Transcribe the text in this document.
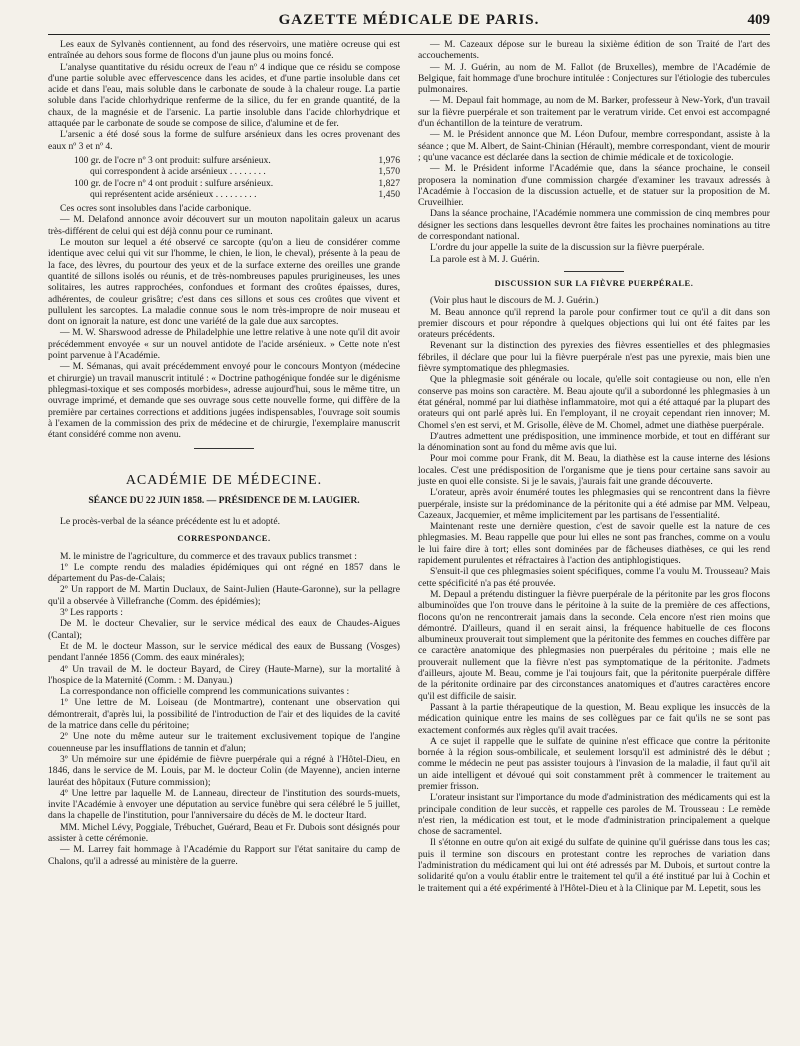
GAZETTE MÉDICALE DE PARIS.	409

Les eaux de Sylvanès contiennent, au fond des réservoirs, une matière ocreuse qui est entraînée au dehors sous forme de flocons d'un jaune plus ou moins foncé.

L'analyse quantitative du résidu ocreux de l'eau nº 4 indique que ce résidu se compose d'une partie soluble avec effervescence dans les acides, et d'une partie insoluble dans cet acide et dans l'eau, mais soluble dans le carbonate de soude à la chaleur rouge. La partie soluble dans l'acide chlorhydrique renferme de la silice, du fer en grande quantité, de la chaux, de la magnésie et de l'arsenic. La partie insoluble dans l'acide chlorhydrique et attaquée par le carbonate de soude se compose de silice, d'alumine et de fer.

L'arsenic a été dosé sous la forme de sulfure arsénieux dans les ocres provenant des eaux nº 3 et nº 4.

100 gr. de l'ocre nº 3 ont produit: sulfure arsénieux.	1,976
qui correspondent à acide arsénieux . . . . . . . .	1,570
100 gr. de l'ocre nº 4 ont produit : sulfure arsénieux.	1,827
qui représentent acide arsénieux . . . . . . . . .	1,450

Ces ocres sont insolubles dans l'acide carbonique.

— M. Delafond annonce avoir découvert sur un mouton napolitain galeux un acarus très-différent de celui qui est déjà connu pour ce ruminant.

Le mouton sur lequel a été observé ce sarcopte (qu'on a lieu de considérer comme identique avec celui qui vit sur l'homme, le chien, le lion, le cheval), présente à la peau de la face, des lèvres, du pourtour des yeux et de la surface externe des oreilles une grande quantité de sillons isolés ou réunis, et de très-nombreuses papules prurigineuses, les unes solitaires, les autres rapprochées, confondues et formant des croûtes épaisses, dures, adhérentes, de couleur grisâtre; c'est dans ces sillons et sous ces croûtes que vivent et pullulent les sarcoptes. La maladie connue sous le nom très-impropre de noir museau et dont on ignorait la nature, est donc une variété de la gale due aux sarcoptes.

— M. W. Sharswood adresse de Philadelphie une lettre relative à une note qu'il dit avoir précédemment envoyée « sur un nouvel antidote de l'acide arsénieux. » Cette note n'est point parvenue à l'Académie.

— M. Sémanas, qui avait précédemment envoyé pour le concours Montyon (médecine et chirurgie) un travail manuscrit intitulé : « Doctrine pathogénique fondée sur le digénisme phlegmasi-toxique et ses composés morbides», adresse aujourd'hui, sous le même titre, un ouvrage imprimé, et demande que ses ouvrage sous cette nouvelle forme, qui diffère de la première par certaines corrections et additions jugées indispensables, l'ouvrage soit soumis à l'examen de la commission des prix de médecine et de chirurgie, l'exemplaire manuscrit étant considéré comme non avenu.

ACADÉMIE DE MÉDECINE.
SÉANCE DU 22 JUIN 1858. — PRÉSIDENCE DE M. LAUGIER.

Le procès-verbal de la séance précédente est lu et adopté.

CORRESPONDANCE.

M. le ministre de l'agriculture, du commerce et des travaux publics transmet :

1º Le compte rendu des maladies épidémiques qui ont régné en 1857 dans le département du Pas-de-Calais;

2º Un rapport de M. Martin Duclaux, de Saint-Julien (Haute-Garonne), sur la pellagre qu'il a observée à Villefranche (Comm. des épidémies);

3º Les rapports :

De M. le docteur Chevalier, sur le service médical des eaux de Chaudes-Aigues (Cantal);

Et de M. le docteur Masson, sur le service médical des eaux de Bussang (Vosges) pendant l'année 1856 (Comm. des eaux minérales);

4º Un travail de M. le docteur Bayard, de Cirey (Haute-Marne), sur la mortalité à l'hospice de la Maternité (Comm. : M. Danyau.)

La correspondance non officielle comprend les communications suivantes :

1º Une lettre de M. Loiseau (de Montmartre), contenant une observation qui démontrerait, d'après lui, la possibilité de l'introduction de l'air et des liquides de la cavité de la matrice dans celle du péritoine;

2º Une note du même auteur sur le traitement exclusivement topique de l'angine couenneuse par les insufflations de tannin et d'alun;

3º Un mémoire sur une épidémie de fièvre puerpérale qui a régné à l'Hôtel-Dieu, en 1846, dans le service de M. Louis, par M. le docteur Colin (de Mayenne), ancien interne lauréat des hôpitaux (Future commission);

4º Une lettre par laquelle M. de Lanneau, directeur de l'institution des sourds-muets, invite l'Académie à envoyer une députation au service funèbre qui sera célébré le 5 juillet, dans la chapelle de l'institution, pour l'anniversaire du décès de M. le docteur Itard.

MM. Michel Lévy, Poggiale, Trébuchet, Guérard, Beau et Fr. Dubois sont désignés pour assister à cette cérémonie.

— M. Larrey fait hommage à l'Académie du Rapport sur l'état sanitaire du camp de Chalons, qu'il a adressé au ministère de la guerre.

— M. Cazeaux dépose sur le bureau la sixième édition de son Traité de l'art des accouchements.

— M. J. Guérin, au nom de M. Fallot (de Bruxelles), membre de l'Académie de Belgique, fait hommage d'une brochure intitulée : Conjectures sur l'étiologie des tubercules pulmonaires.

— M. Depaul fait hommage, au nom de M. Barker, professeur à New-York, d'un travail sur la fièvre puerpérale et son traitement par le veratrum viride. Cet envoi est accompagné d'un échantillon de la teinture de veratrum.

— M. le Président annonce que M. Léon Dufour, membre correspondant, assiste à la séance ; que M. Albert, de Saint-Chinian (Hérault), membre correspondant, vient de mourir ; qu'une vacance est déclarée dans la section de chimie médicale et de toxicologie.

— M. le Président informe l'Académie que, dans la séance prochaine, le conseil proposera la nomination d'une commission chargée d'examiner les travaux adressés à l'Académie à l'occasion de la discussion actuelle, et de statuer sur la proposition de M. Cruveilhier.

Dans la séance prochaine, l'Académie nommera une commission de cinq membres pour désigner les sections dans lesquelles devront être faites les prochaines nominations au titre de correspondant national.

L'ordre du jour appelle la suite de la discussion sur la fièvre puerpérale.

La parole est à M. J. Guérin.

DISCUSSION SUR LA FIÈVRE PUERPÉRALE.

(Voir plus haut le discours de M. J. Guérin.)

M. Beau annonce qu'il reprend la parole pour confirmer tout ce qu'il a dit dans son premier discours et pour répondre à quelques objections qui lui ont été faites par les orateurs précédents.

Revenant sur la distinction des pyrexies des fièvres essentielles et des phlegmasies fébriles, il déclare que pour lui la fièvre puerpérale n'est pas une pyrexie, mais bien une fièvre symptomatique des phlegmasies.

Que la phlegmasie soit générale ou locale, qu'elle soit contagieuse ou non, elle n'en conserve pas moins son caractère. M. Beau ajoute qu'il a subordonné les phlegmasies à un état général, nommé par lui diathèse inflammatoire, mot qui a été attaqué par la plupart des orateurs qui ont parlé après lui. En l'employant, il ne croyait cependant rien innover; M. Chomel s'en est servi, et M. Grisolle, élève de M. Chomel, admet une diathèse puerpérale.

D'autres admettent une prédisposition, une imminence morbide, et tout en différant sur la dénomination sont au fond du même avis que lui.

Pour moi comme pour Frank, dit M. Beau, la diathèse est la cause interne des lésions locales. C'est une prédisposition de l'organisme que je tiens pour certaine sans savoir au juste en quoi elle consiste. Si je le savais, j'aurais fait une grande découverte.

L'orateur, après avoir énuméré toutes les phlegmasies qui se rencontrent dans la fièvre puerpérale, insiste sur la prédominance de la péritonite qui a été admise par MM. Velpeau, Cazeaux, Jacquemier, et même implicitement par les partisans de l'essentialité.

Maintenant reste une dernière question, c'est de savoir quelle est la nature de ces phlegmasies. M. Beau rappelle que pour lui elles ne sont pas franches, comme on a voulu le lui faire dire à tort; elles sont dominées par de fâcheuses diathèses, ce qui les rend rapidement purulentes et réfractaires à l'action des antiphlogistiques.

S'ensuit-il que ces phlegmasies soient spécifiques, comme l'a voulu M. Trousseau? Mais cette spécificité n'a pas été prouvée.

M. Depaul a prétendu distinguer la fièvre puerpérale de la péritonite par les gros flocons albuminoïdes que l'on trouve dans le péritoine à la suite de la première de ces affections, flocons qu'on ne rencontrerait jamais dans la seconde. Cela encore n'est rien moins que démontré. D'ailleurs, quand il en serait ainsi, la fréquence habituelle de ces flocons albumineux prouverait tout simplement que la péritonite des femmes en couches diffère par ce caractère anatomique des phlegmasies non puerpérales du péritoine ; mais elle ne prouverait nullement que la fièvre n'est pas symptomatique de la péritonite. J'admets d'ailleurs, ajoute M. Beau, comme je l'ai toujours fait, que la péritonite puerpérale diffère de la péritonite ordinaire par des circonstances anatomiques et d'autres caractères encore qu'il est difficile de saisir.

Passant à la partie thérapeutique de la question, M. Beau explique les insuccès de la médication quinique entre les mains de ses collègues par ce fait qu'ils ne se sont pas exactement conformés aux règles qu'il avait tracées.

A ce sujet il rappelle que le sulfate de quinine n'est efficace que contre la péritonite bornée à la région sous-ombilicale, et seulement lorsqu'il est administré dès le début ; comme le médecin ne peut pas assister toujours à l'invasion de la maladie, il faut qu'il ait un aide intelligent et dévoué qui soit constamment prêt à commencer le traitement au premier frisson.

L'orateur insistant sur l'importance du mode d'administration des médicaments qui est la principale condition de leur succès, et rappelle ces paroles de M. Trousseau : Le remède n'est rien, la médication est tout, et le mode d'administration principalement a quelque chose de sacramentel.

Il s'étonne en outre qu'on ait exigé du sulfate de quinine qu'il guérisse dans tous les cas; puis il termine son discours en protestant contre les reproches de variation dans l'administration du médicament qui lui ont été adressés par M. Dubois, et surtout contre la solidarité qu'on a voulu établir entre le traitement tel qu'il a été institué par lui à Cochin et le traitement qui a été expérimenté à l'Hôtel-Dieu et à la Clinique par M. Lepetit, sous les
